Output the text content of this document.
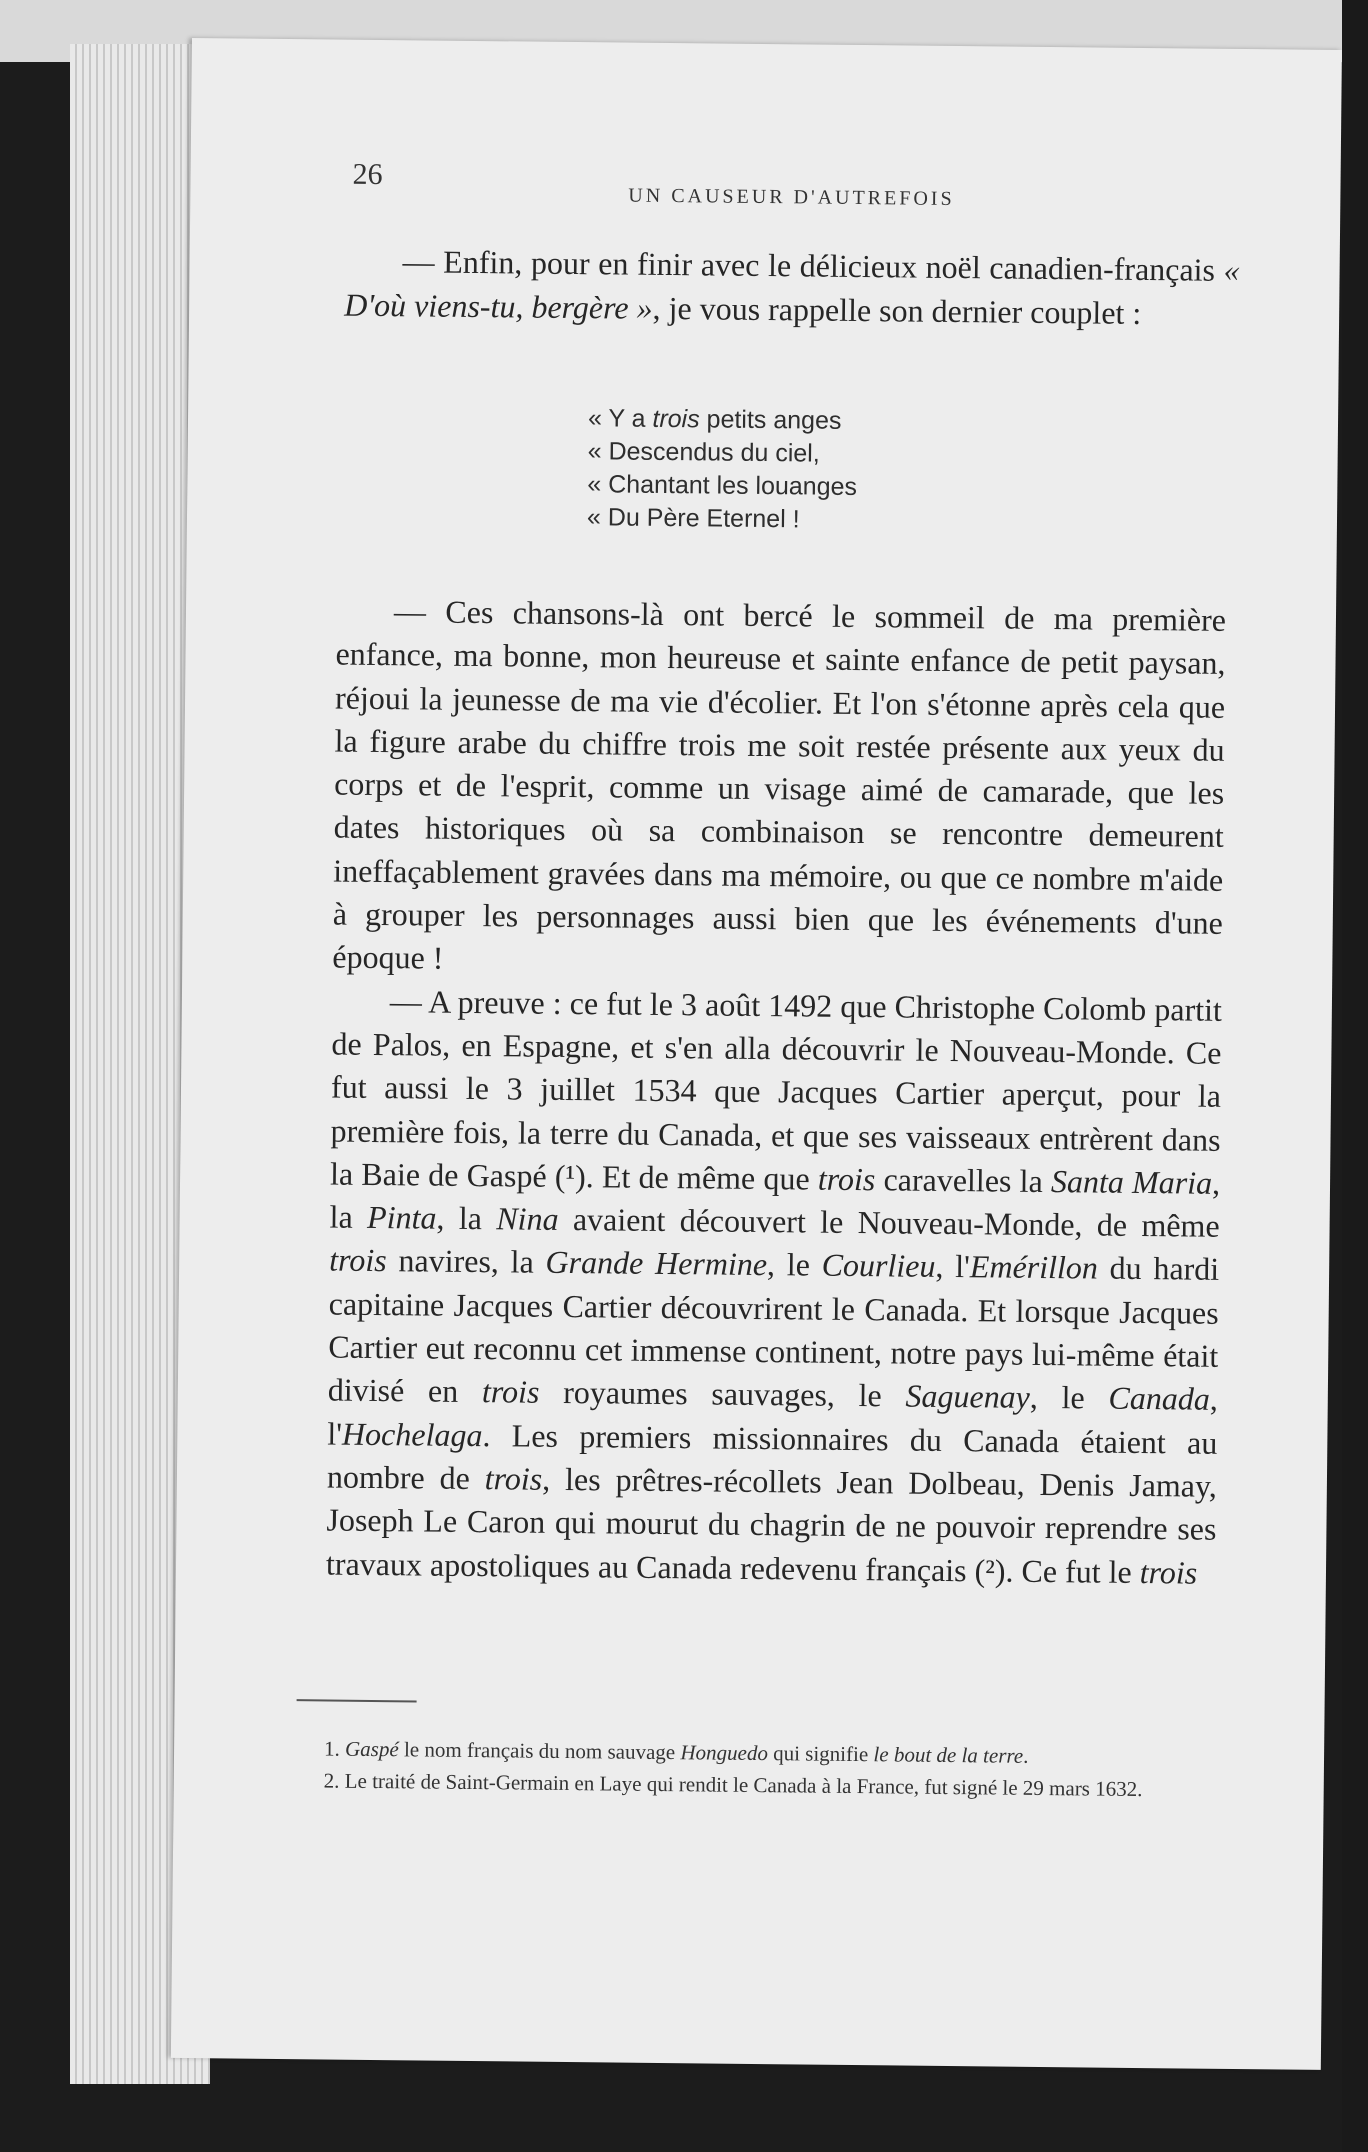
26
UN CAUSEUR D'AUTREFOIS

— Enfin, pour en finir avec le délicieux noël canadien-français « D'où viens-tu, bergère », je vous rappelle son dernier couplet :

« Y a trois petits anges
« Descendus du ciel,
« Chantant les louanges
« Du Père Eternel !

— Ces chansons-là ont bercé le sommeil de ma première enfance, ma bonne, mon heureuse et sainte enfance de petit paysan, réjoui la jeunesse de ma vie d'écolier. Et l'on s'étonne après cela que la figure arabe du chiffre trois me soit restée présente aux yeux du corps et de l'esprit, comme un visage aimé de camarade, que les dates historiques où sa combinaison se rencontre demeurent ineffaçablement gravées dans ma mémoire, ou que ce nombre m'aide à grouper les personnages aussi bien que les événements d'une époque !

— A preuve : ce fut le 3 août 1492 que Christophe Colomb partit de Palos, en Espagne, et s'en alla découvrir le Nouveau-Monde. Ce fut aussi le 3 juillet 1534 que Jacques Cartier aperçut, pour la première fois, la terre du Canada, et que ses vaisseaux entrèrent dans la Baie de Gaspé (¹). Et de même que trois caravelles la Santa Maria, la Pinta, la Nina avaient découvert le Nouveau-Monde, de même trois navires, la Grande Hermine, le Courlieu, l'Emérillon du hardi capitaine Jacques Cartier découvrirent le Canada. Et lorsque Jacques Cartier eut reconnu cet immense continent, notre pays lui-même était divisé en trois royaumes sauvages, le Saguenay, le Canada, l'Hochelaga. Les premiers missionnaires du Canada étaient au nombre de trois, les prêtres-récollets Jean Dolbeau, Denis Jamay, Joseph Le Caron qui mourut du chagrin de ne pouvoir reprendre ses travaux apostoliques au Canada redevenu français (²). Ce fut le trois

1. Gaspé le nom français du nom sauvage Honguedo qui signifie le bout de la terre.

2. Le traité de Saint-Germain en Laye qui rendit le Canada à la France, fut signé le 29 mars 1632.
